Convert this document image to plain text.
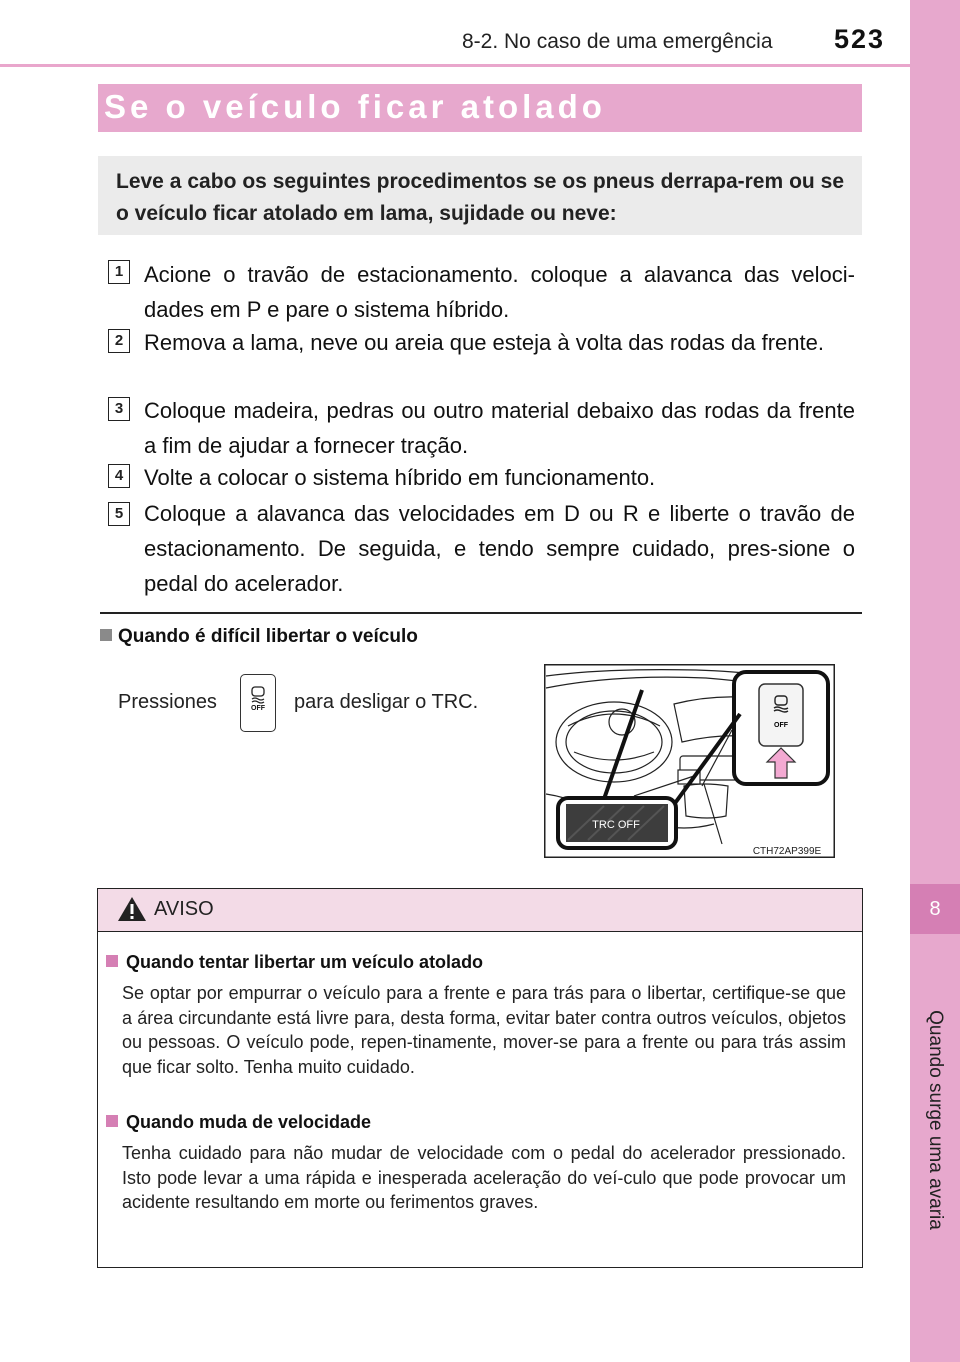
8-2. No caso de uma emergência 523
8
Quando surge uma avaria
Se o veículo ficar atolado
Leve a cabo os seguintes procedimentos se os pneus derrapa-rem ou se o veículo ficar atolado em lama, sujidade ou neve:
1 Acione o travão de estacionamento. coloque a alavanca das veloci-dades em P e pare o sistema híbrido.
2 Remova a lama, neve ou areia que esteja à volta das rodas da frente.
3 Coloque madeira, pedras ou outro material debaixo das rodas da frente a fim de ajudar a fornecer tração.
4 Volte a colocar o sistema híbrido em funcionamento.
5 Coloque a alavanca das velocidades em D ou R e liberte o travão de estacionamento. De seguida, e tendo sempre cuidado, pres-sione o pedal do acelerador.
Quando é difícil libertar o veículo
Pressiones	OFF	para desligar o TRC.
OFF
TRC OFF
CTH72AP399E
AVISO
Quando tentar libertar um veículo atolado
Se optar por empurrar o veículo para a frente e para trás para o libertar, certifique-se que a área circundante está livre para, desta forma, evitar bater contra outros veículos, objetos ou pessoas. O veículo pode, repen-tinamente, mover-se para a frente ou para trás assim que ficar solto. Tenha muito cuidado.
Quando muda de velocidade
Tenha cuidado para não mudar de velocidade com o pedal do acelerador pressionado. Isto pode levar a uma rápida e inesperada aceleração do veí-culo que pode provocar um acidente resultando em morte ou ferimentos graves.
